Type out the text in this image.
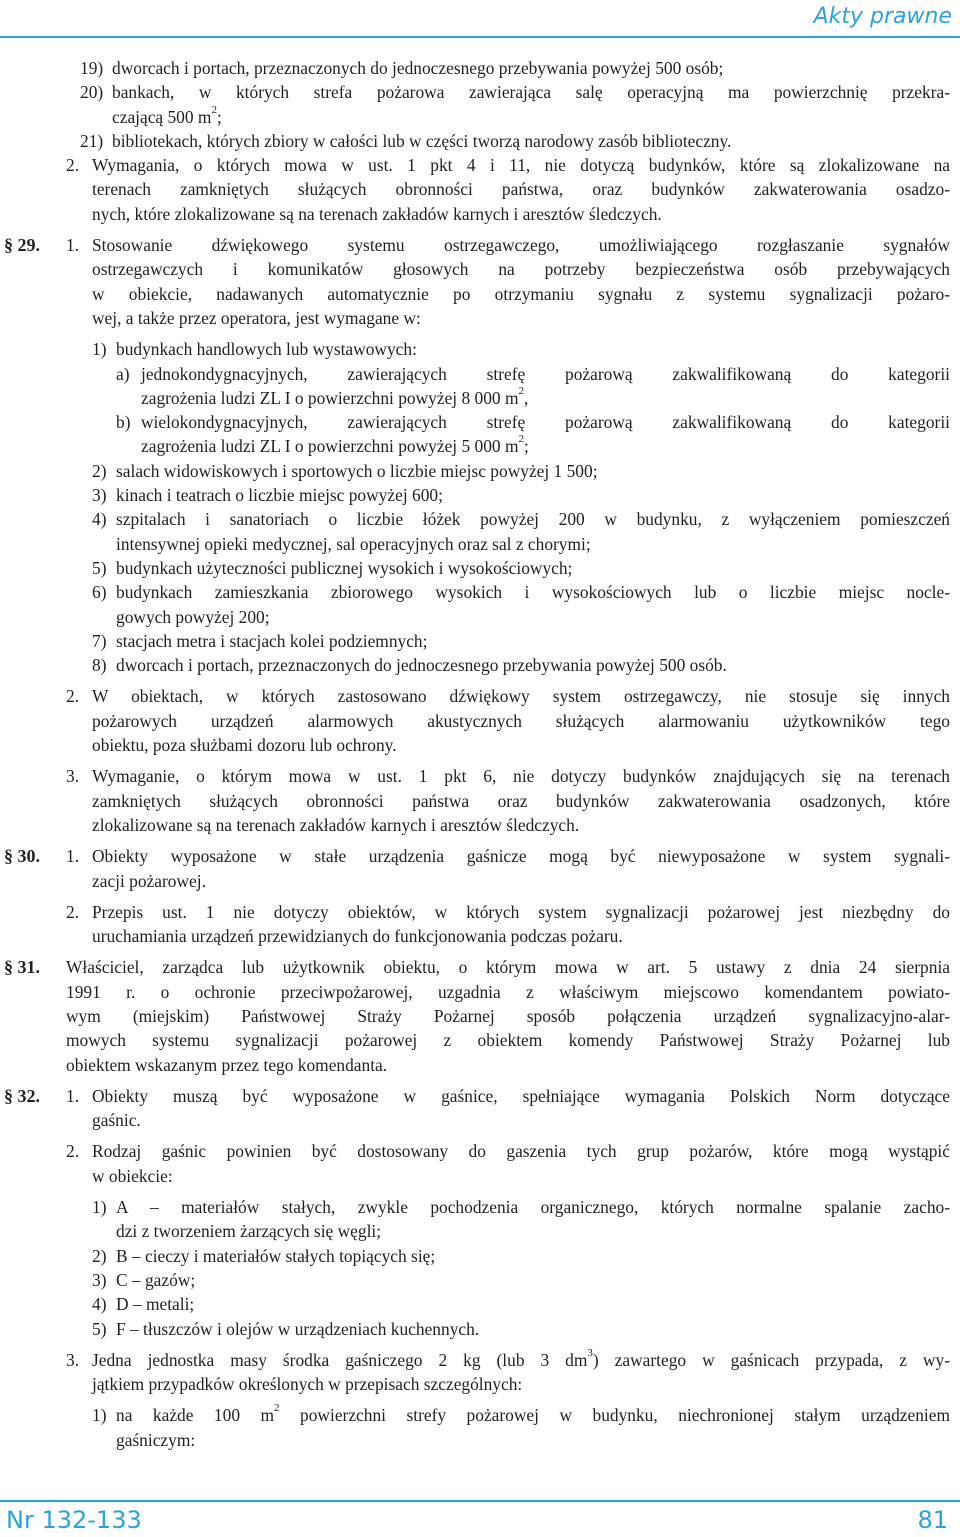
Akty prawne
19) dworcach i portach, przeznaczonych do jednoczesnego przebywania powyżej 500 osób;
20) bankach, w których strefa pożarowa zawierająca salę operacyjną ma powierzchnię przekra-
czającą 500 $m^2$;
21) bibliotekach, których zbiory w całości lub w części tworzą narodowy zasób biblioteczny.
2. Wymagania, o których mowa w ust. 1 pkt 4 i 11, nie dotyczą budynków, które są zlokalizowane na
terenach zamkniętych służących obronności państwa, oraz budynków zakwaterowania osadzo-
nych, które zlokalizowane są na terenach zakładów karnych i aresztów śledczych.
§ 29. 1. Stosowanie dźwiękowego systemu ostrzegawczego, umożliwiającego rozgłaszanie sygnałów
ostrzegawczych i komunikatów głosowych na potrzeby bezpieczeństwa osób przebywających
w obiekcie, nadawanych automatycznie po otrzymaniu sygnału z systemu sygnalizacji pożaro-
wej, a także przez operatora, jest wymagane w:
1) budynkach handlowych lub wystawowych:
a) jednokondygnacyjnych, zawierających strefę pożarową zakwalifikowaną do kategorii
zagrożenia ludzi ZL I o powierzchni powyżej 8 000 $m^2$,
b) wielokondygnacyjnych, zawierających strefę pożarową zakwalifikowaną do kategorii
zagrożenia ludzi ZL I o powierzchni powyżej 5 000 $m^2$;
2) salach widowiskowych i sportowych o liczbie miejsc powyżej 1 500;
3) kinach i teatrach o liczbie miejsc powyżej 600;
4) szpitalach i sanatoriach o liczbie łóżek powyżej 200 w budynku, z wyłączeniem pomieszczeń
intensywnej opieki medycznej, sal operacyjnych oraz sal z chorymi;
5) budynkach użyteczności publicznej wysokich i wysokościowych;
6) budynkach zamieszkania zbiorowego wysokich i wysokościowych lub o liczbie miejsc nocle-
gowych powyżej 200;
7) stacjach metra i stacjach kolei podziemnych;
8) dworcach i portach, przeznaczonych do jednoczesnego przebywania powyżej 500 osób.
2. W obiektach, w których zastosowano dźwiękowy system ostrzegawczy, nie stosuje się innych
pożarowych urządzeń alarmowych akustycznych służących alarmowaniu użytkowników tego
obiektu, poza służbami dozoru lub ochrony.
3. Wymaganie, o którym mowa w ust. 1 pkt 6, nie dotyczy budynków znajdujących się na terenach
zamkniętych służących obronności państwa oraz budynków zakwaterowania osadzonych, które
zlokalizowane są na terenach zakładów karnych i aresztów śledczych.
§ 30. 1. Obiekty wyposażone w stałe urządzenia gaśnicze mogą być niewyposażone w system sygnali-
zacji pożarowej.
2. Przepis ust. 1 nie dotyczy obiektów, w których system sygnalizacji pożarowej jest niezbędny do
uruchamiania urządzeń przewidzianych do funkcjonowania podczas pożaru.
§ 31. Właściciel, zarządca lub użytkownik obiektu, o którym mowa w art. 5 ustawy z dnia 24 sierpnia
1991 r. o ochronie przeciwpożarowej, uzgadnia z właściwym miejscowo komendantem powiato-
wym (miejskim) Państwowej Straży Pożarnej sposób połączenia urządzeń sygnalizacyjno-alar-
mowych systemu sygnalizacji pożarowej z obiektem komendy Państwowej Straży Pożarnej lub
obiektem wskazanym przez tego komendanta.
§ 32. 1. Obiekty muszą być wyposażone w gaśnice, spełniające wymagania Polskich Norm dotyczące
gaśnic.
2. Rodzaj gaśnic powinien być dostosowany do gaszenia tych grup pożarów, które mogą wystąpić
w obiekcie:
1) A – materiałów stałych, zwykle pochodzenia organicznego, których normalne spalanie zacho-
dzi z tworzeniem żarzących się węgli;
2) B – cieczy i materiałów stałych topiących się;
3) C – gazów;
4) D – metali;
5) F – tłuszczów i olejów w urządzeniach kuchennych.
3. Jedna jednostka masy środka gaśniczego 2 kg (lub 3 $dm^3$) zawartego w gaśnicach przypada, z wy-
jątkiem przypadków określonych w przepisach szczególnych:
1) na każde 100 $m^2$ powierzchni strefy pożarowej w budynku, niechronionej stałym urządzeniem
gaśniczym:
Nr 132-133	81
